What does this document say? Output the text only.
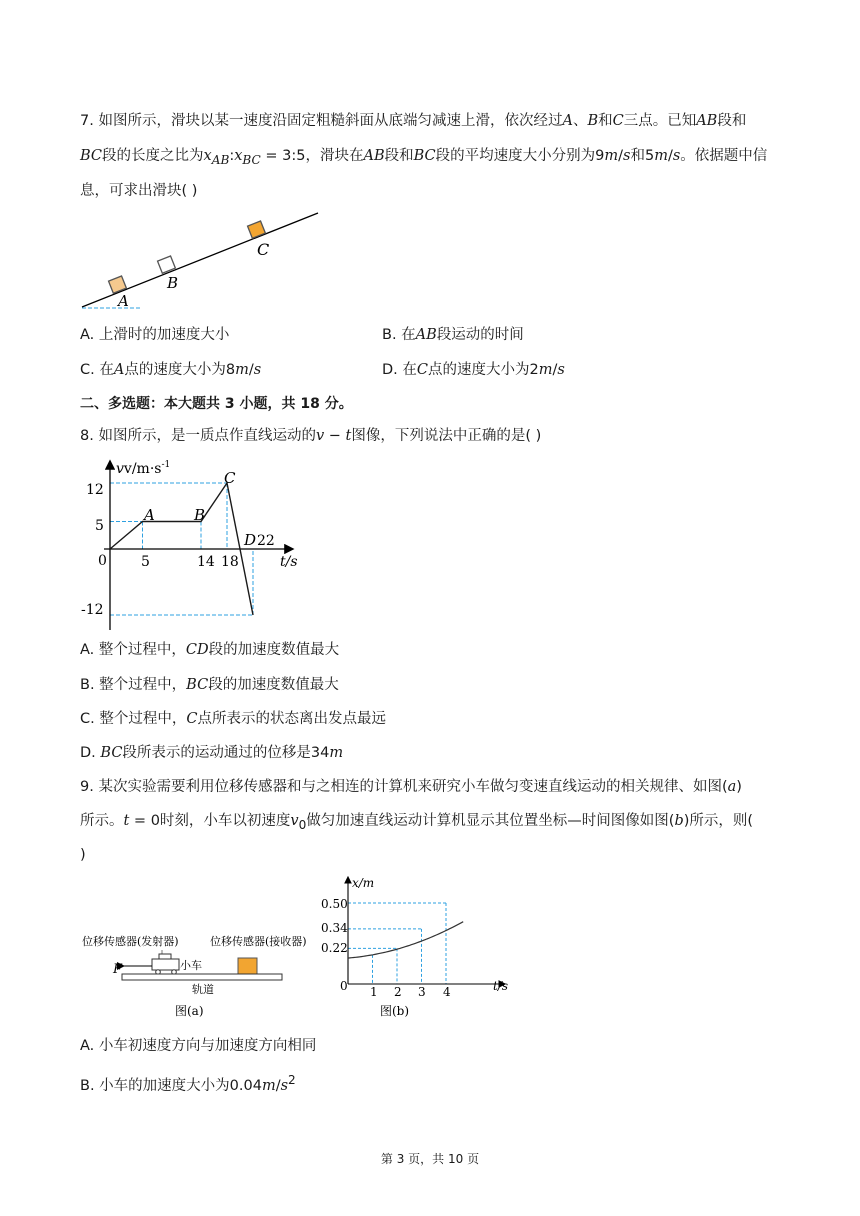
7. 如图所示，滑块以某一速度沿固定粗糙斜面从底端匀减速上滑，依次经过A、B和C三点。已知AB段和
BC段的长度之比为$x_{AB}:x_{BC}$ = 3:5，滑块在AB段和BC段的平均速度大小分别为9m/s和5m/s。依据题中信
息，可求出滑块( )
A
B
C
A. 上滑时的加速度大小	B. 在AB段运动的时间
C. 在A点的速度大小为8m/s	D. 在C点的速度大小为2m/s
二、多选题：本大题共 3 小题，共 18 分。
8. 如图所示，是一质点作直线运动的v − t图像，下列说法中正确的是( )
$vv/m\cdot s^{-1}$
t/s
0
12
5
-12
5	14 18
A	B
C
D 22
A. 整个过程中，CD段的加速度数值最大
B. 整个过程中，BC段的加速度数值最大
C. 整个过程中，C点所表示的状态离出发点最远
D. BC段所表示的运动通过的位移是34m
9. 某次实验需要利用位移传感器和与之相连的计算机来研究小车做匀变速直线运动的相关规律、如图(a)
所示。t = 0时刻，小车以初速度$v_0$做匀加速直线运动计算机显示其位置坐标—时间图像如图(b)所示，则(
)
位移传感器(发射器)	位移传感器(接收器)
小车
F
轨道
图(a)
x/m
t/s
0
0.50
0.34
0.22
1 2 3 4
图(b)
A. 小车初速度方向与加速度方向相同
B. 小车的加速度大小为$0.04m/s^2$
第 3 页，共 10 页
